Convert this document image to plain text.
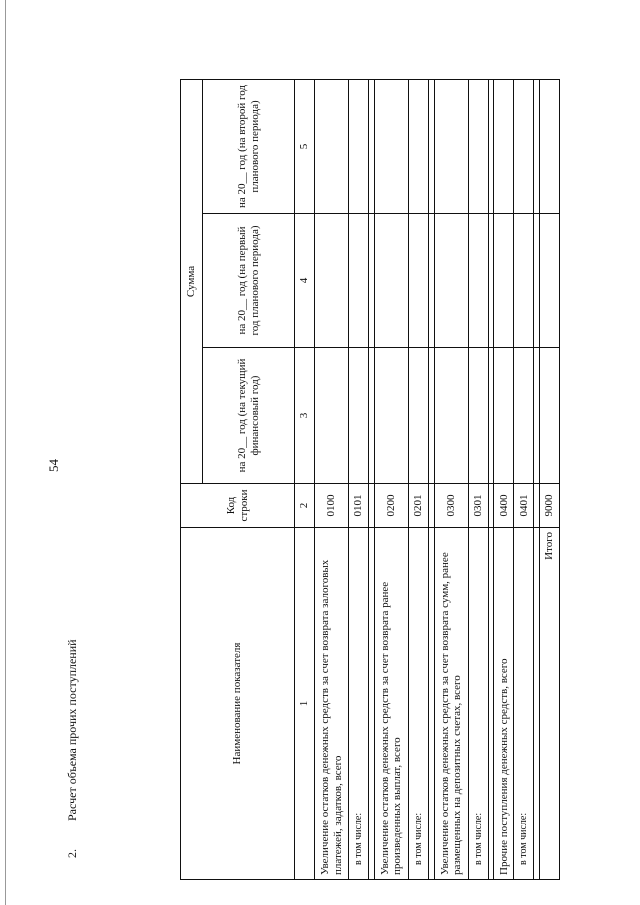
54
2.Расчет объема прочих поступлений	Наименование показателя	Код строки	Сумма		
		на 20__ год (на текущий финансовый год)	на 20__ год (на первый год планового периода)	на 20__ год (на второй год планового периода)
1	2	3	4	5
Увеличение остатков денежных средств за счет возврата залоговых платежей, задатков, всего	0100			
в том числе:	0101			

Увеличение остатков денежных средств за счет возврата ранее произведенных выплат, всего	0200			
в том числе:	0201			

Увеличение остатков денежных средств за счет возврата сумм, ранее размещенных на депозитных счетах, всего	0300			
в том числе:	0301			

Прочие поступления денежных средств, всего	0400			
в том числе:	0401			

Итого	9000			
